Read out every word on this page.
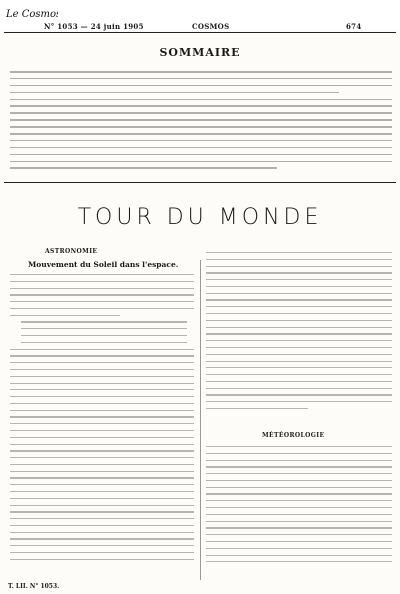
Le Cosmos
N° 1053 — 24 juin 1905	COSMOS	674
SOMMAIRE
TOUR DU MONDE
ASTRONOMIE
Mouvement du Soleil dans l'espace.
MÉTÉOROLOGIE
T. LII. N° 1053.
